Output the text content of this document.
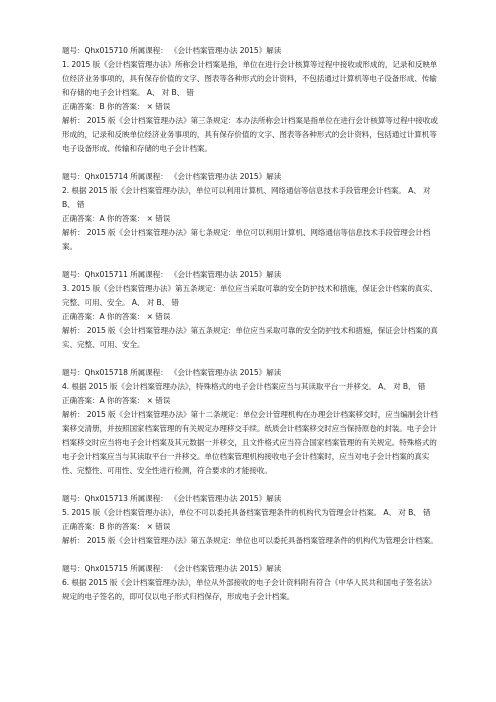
题号：Qhx015710 所属课程： 《会计档案管理办法 2015》解读
1. 2015 版《会计档案管理办法》所称会计档案是指，单位在进行会计核算等过程中接收或形成的，记录和反映单位经济业务事项的，具有保存价值的文字、图表等各种形式的会计资料，不包括通过计算机等电子设备形成、传输和存储的电子会计档案。 A、 对 B、 错
正确答案：B 你的答案： × 错误
解析： 2015 版《会计档案管理办法》第三条规定：本办法所称会计档案是指单位在进行会计核算等过程中接收或形成的，记录和反映单位经济业务事项的，具有保存价值的文字、图表等各种形式的会计资料，包括通过计算机等电子设备形成、传输和存储的电子会计档案。
题号：Qhx015714 所属课程： 《会计档案管理办法 2015》解读
2. 根据 2015 版《会计档案管理办法》，单位可以利用计算机、网络通信等信息技术手段管理会计档案。 A、 对 B、 错
正确答案：A 你的答案： × 错误
解析： 2015 版《会计档案管理办法》第七条规定：单位可以利用计算机、网络通信等信息技术手段管理会计档案。
题号：Qhx015711 所属课程： 《会计档案管理办法 2015》解读
3. 2015 版《会计档案管理办法》第五条规定：单位应当采取可靠的安全防护技术和措施，保证会计档案的真实、完整、可用、安全。 A、 对 B、 错
正确答案：A 你的答案： × 错误
解析： 2015 版《会计档案管理办法》第五条规定：单位应当采取可靠的安全防护技术和措施，保证会计档案的真实、完整、可用、安全。
题号：Qhx015718 所属课程： 《会计档案管理办法 2015》解读
4. 根据 2015 版《会计档案管理办法》，特殊格式的电子会计档案应当与其读取平台一并移交。 A、 对 B、 错
正确答案：A 你的答案： × 错误
解析： 2015 版《会计档案管理办法》第十二条规定：单位会计管理机构在办理会计档案移交时，应当编制会计档案移交清册，并按照国家档案管理的有关规定办理移交手续。纸质会计档案移交时应当保持原卷的封装。电子会计档案移交时应当将电子会计档案及其元数据一并移交，且文件格式应当符合国家档案管理的有关规定。特殊格式的电子会计档案应当与其读取平台一并移交。单位档案管理机构接收电子会计档案时，应当对电子会计档案的真实性、完整性、可用性、安全性进行检测，符合要求的才能接收。
题号：Qhx015713 所属课程： 《会计档案管理办法 2015》解读
5. 2015 版《会计档案管理办法》，单位不可以委托具备档案管理条件的机构代为管理会计档案。 A、 对 B、 错
正确答案：B 你的答案： × 错误
解析： 2015 版《会计档案管理办法》第五条规定：单位也可以委托具备档案管理条件的机构代为管理会计档案。
题号：Qhx015715 所属课程： 《会计档案管理办法 2015》解读
6. 根据 2015 版《会计档案管理办法》，单位从外部接收的电子会计资料附有符合《中华人民共和国电子签名法》规定的电子签名的，即可仅以电子形式归档保存，形成电子会计档案。
